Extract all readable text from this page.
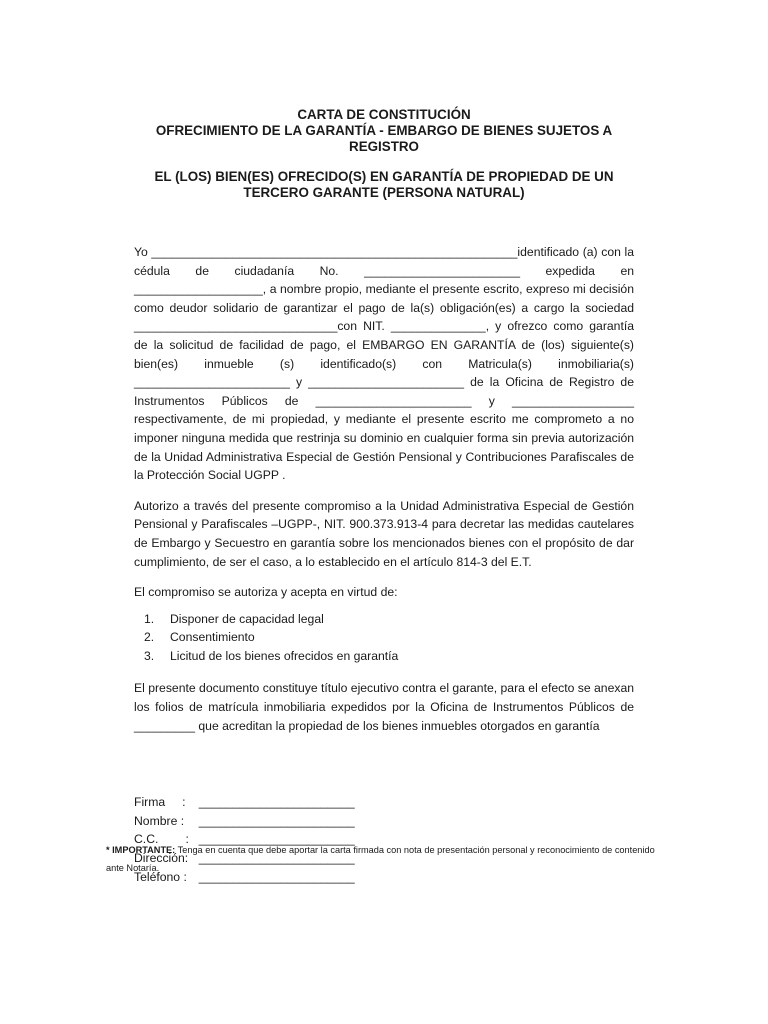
CARTA DE CONSTITUCIÓN
OFRECIMIENTO DE LA GARANTÍA - EMBARGO DE BIENES SUJETOS A REGISTRO
EL (LOS) BIEN(ES) OFRECIDO(S) EN GARANTÍA DE PROPIEDAD DE UN TERCERO GARANTE (PERSONA NATURAL)

Yo ______________________________________________________identificado (a) con la cédula de ciudadanía No. _______________________ expedida en ___________________, a nombre propio, mediante el presente escrito, expreso mi decisión como deudor solidario de garantizar el pago de la(s) obligación(es) a cargo la sociedad ______________________________con NIT. ______________, y ofrezco como garantía de la solicitud de facilidad de pago, el EMBARGO EN GARANTÍA de (los) siguiente(s) bien(es) inmueble (s) identificado(s) con Matricula(s) inmobiliaria(s) _______________________ y _______________________ de la Oficina de Registro de Instrumentos Públicos de _______________________ y __________________ respectivamente, de mi propiedad, y mediante el presente escrito me comprometo a no imponer ninguna medida que restrinja su dominio en cualquier forma sin previa autorización de la Unidad Administrativa Especial de Gestión Pensional y Contribuciones Parafiscales de la Protección Social UGPP .

Autorizo a través del presente compromiso a la Unidad Administrativa Especial de Gestión Pensional y Parafiscales –UGPP-, NIT. 900.373.913-4 para decretar las medidas cautelares de Embargo y Secuestro en garantía sobre los mencionados bienes con el propósito de dar cumplimiento, de ser el caso, a lo establecido en el artículo 814-3 del E.T.

El compromiso se autoriza y acepta en virtud de:

1.	Disponer de capacidad legal
2.	Consentimiento
3.	Licitud de los bienes ofrecidos en garantía

El presente documento constituye título ejecutivo contra el garante, para el efecto se anexan los folios de matrícula inmobiliaria expedidos por la Oficina de Instrumentos Públicos de _________ que acreditan la propiedad de los bienes inmuebles otorgados en garantía

Firma     : _______________________
Nombre : _______________________
C.C.        : _______________________
Dirección: _______________________
Teléfono : _______________________
* IMPORTANTE: Tenga en cuenta que debe aportar la carta firmada con nota de presentación personal y reconocimiento de contenido ante Notaría.
